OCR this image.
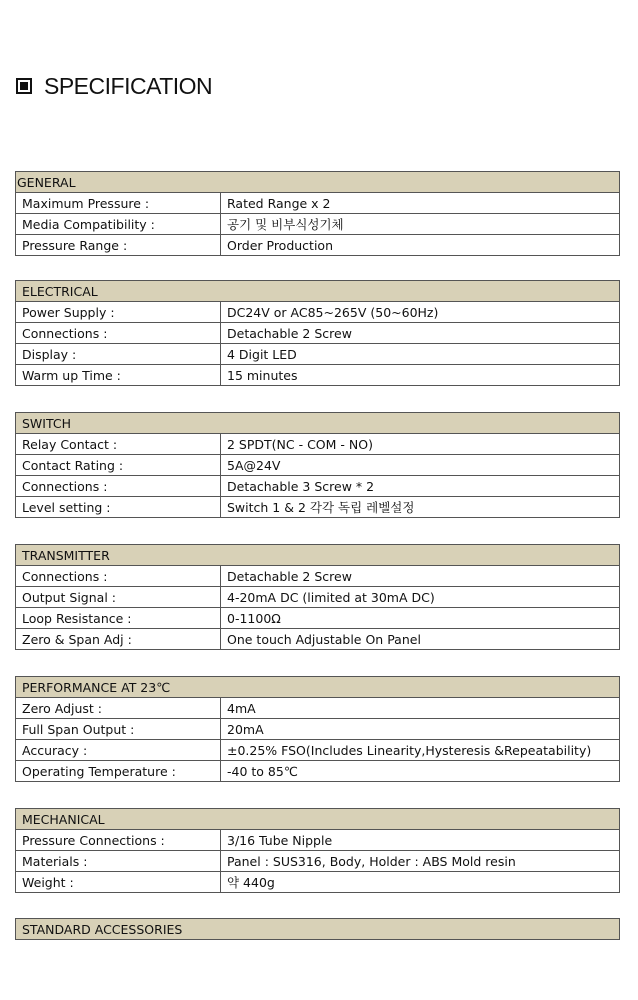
SPECIFICATION
GENERAL	
Maximum Pressure :	Rated Range x 2
Media Compatibility :	공기 및 비부식성기체
Pressure Range :	Order Production
ELECTRICAL	
Power Supply :	DC24V or AC85~265V (50~60Hz)
Connections :	Detachable 2 Screw
Display :	4 Digit LED
Warm up Time :	15 minutes
SWITCH	
Relay Contact :	2 SPDT(NC - COM - NO)
Contact Rating :	5A@24V
Connections :	Detachable 3 Screw * 2
Level setting :	Switch 1 & 2 각각 독립 레벨설정
TRANSMITTER	
Connections :	Detachable 2 Screw
Output Signal :	4-20mA DC (limited at 30mA DC)
Loop Resistance :	0-1100Ω
Zero & Span Adj :	One touch Adjustable On Panel
PERFORMANCE AT 23℃	
Zero Adjust :	4mA
Full Span Output :	20mA
Accuracy :	±0.25% FSO(Includes Linearity,Hysteresis &Repeatability)
Operating Temperature :	-40 to 85℃
MECHANICAL	
Pressure Connections :	3/16 Tube Nipple
Materials :	Panel : SUS316, Body, Holder : ABS Mold resin
Weight :	약 440g
STANDARD ACCESSORIES
